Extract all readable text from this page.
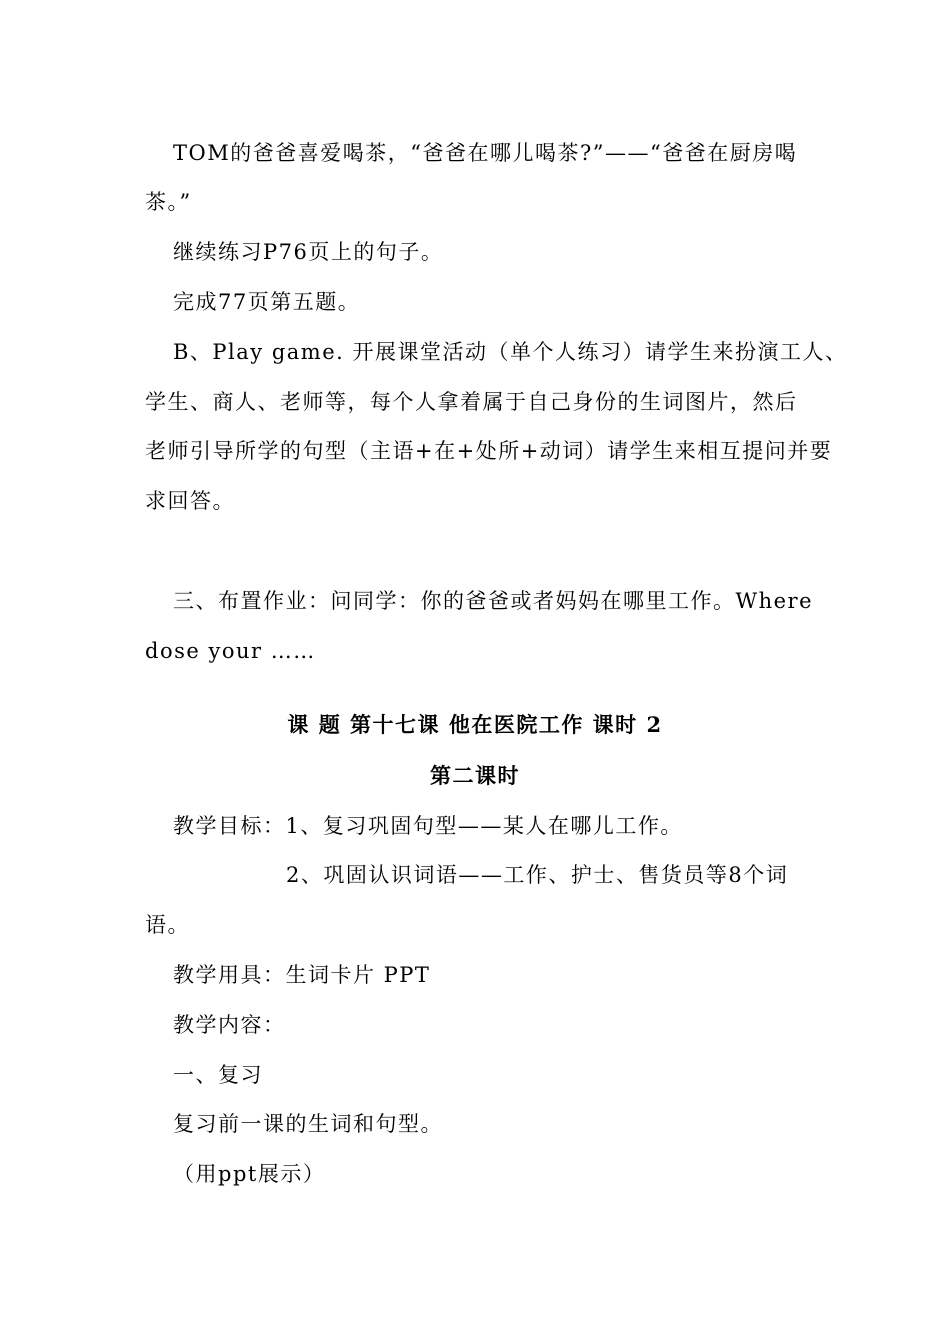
TOM的爸爸喜爱喝茶，“爸爸在哪儿喝茶?”——“爸爸在厨房喝
茶。”
继续练习P76页上的句子。
完成77页第五题。
B、Play game. 开展课堂活动（单个人练习）请学生来扮演工人、
学生、商人、老师等，每个人拿着属于自己身份的生词图片，然后
老师引导所学的句型（主语+在+处所+动词）请学生来相互提问并要
求回答。
三、布置作业：问同学：你的爸爸或者妈妈在哪里工作。Where
dose your ……
课 题 第十七课 他在医院工作 课时 2
第二课时
教学目标：1、复习巩固句型——某人在哪儿工作。
2、巩固认识词语——工作、护士、售货员等8个词
语。
教学用具：生词卡片 PPT
教学内容：
一、复习
复习前一课的生词和句型。
（用ppt展示）
